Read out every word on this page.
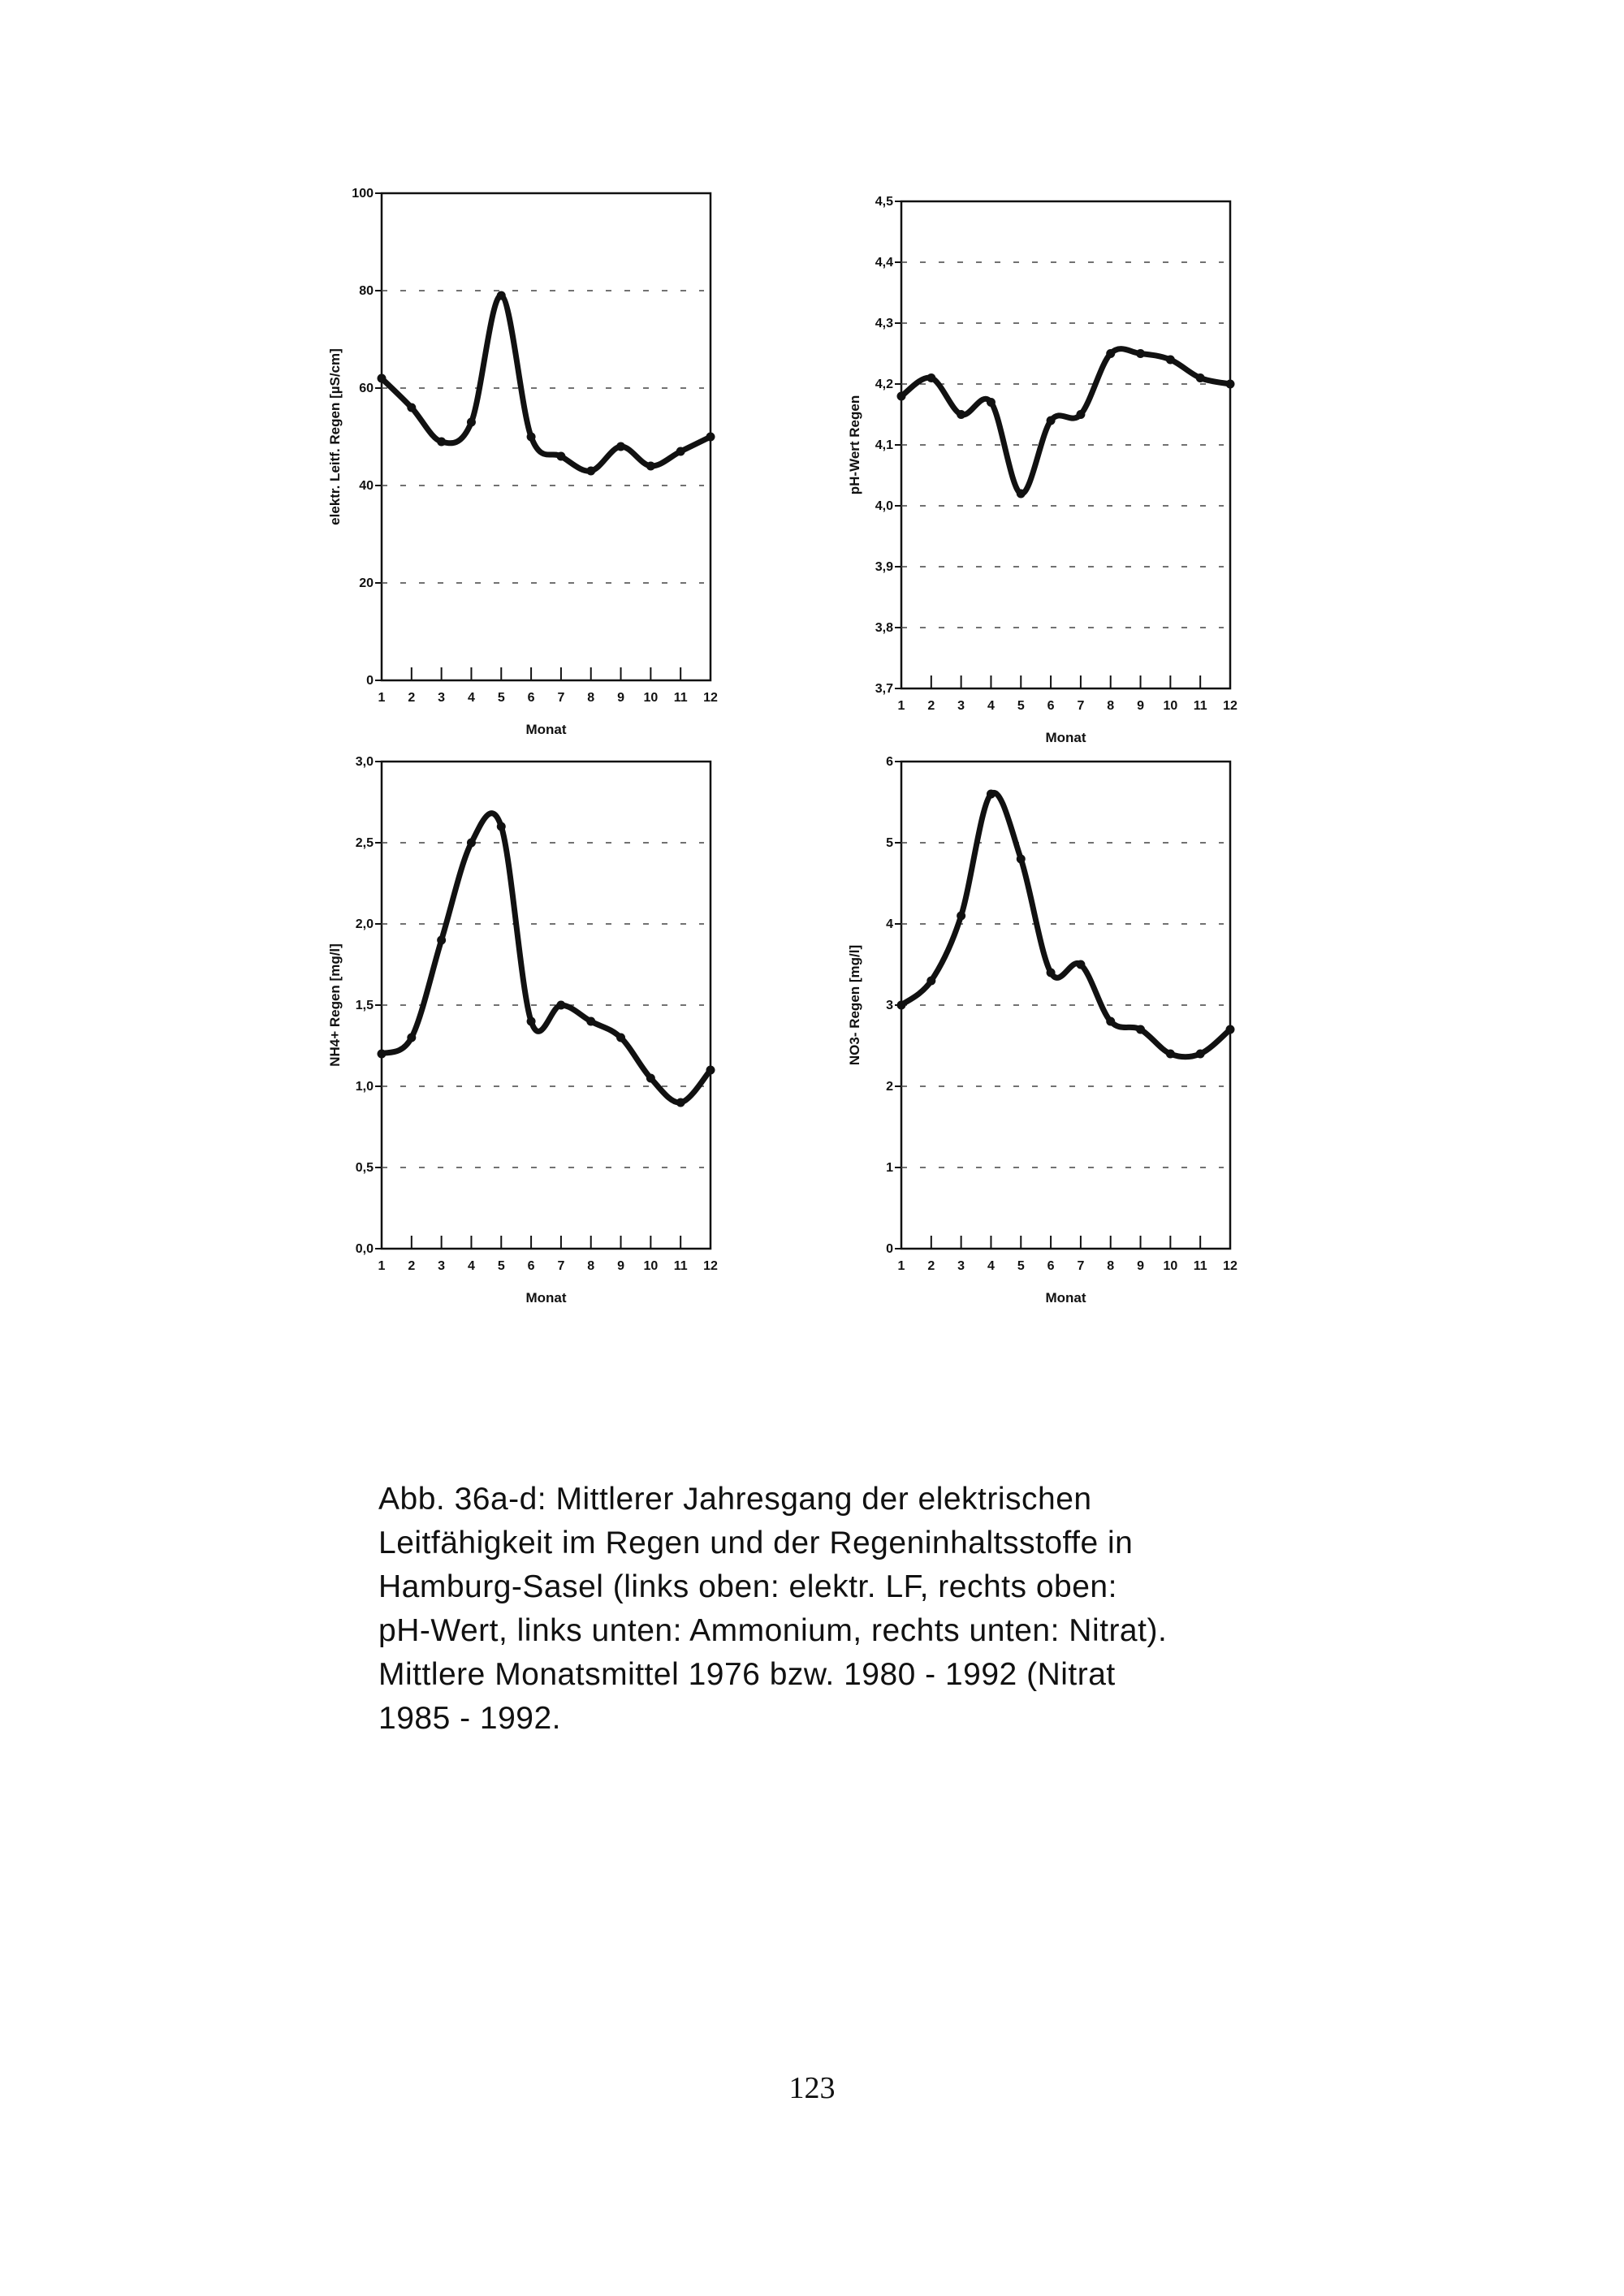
0
20
40
60
80
100
1 2 3 4 5 6 7 8 9 10 11 12
Monat
elektr. Leitf. Regen [µS/cm]
3,7
3,8
3,9
4,0
4,1
4,2
4,3
4,4
4,5
1 2 3 4 5 6 7 8 9 10 11 12
Monat
pH-Wert Regen
0,0
0,5
1,0
1,5
2,0
2,5
3,0
1 2 3 4 5 6 7 8 9 10 11 12
Monat
NH4+ Regen [mg/l]
0
1
2
3
4
5
6
1 2 3 4 5 6 7 8 9 10 11 12
Monat
NO3- Regen [mg/l]

Abb. 36a-d: Mittlerer Jahresgang der elektrischen

Leitfähigkeit im Regen und der Regeninhaltsstoffe in

Hamburg-Sasel (links oben: elektr. LF, rechts oben:

pH-Wert, links unten: Ammonium, rechts unten: Nitrat).

Mittlere Monatsmittel 1976 bzw. 1980 - 1992 (Nitrat

1985 - 1992.

123
